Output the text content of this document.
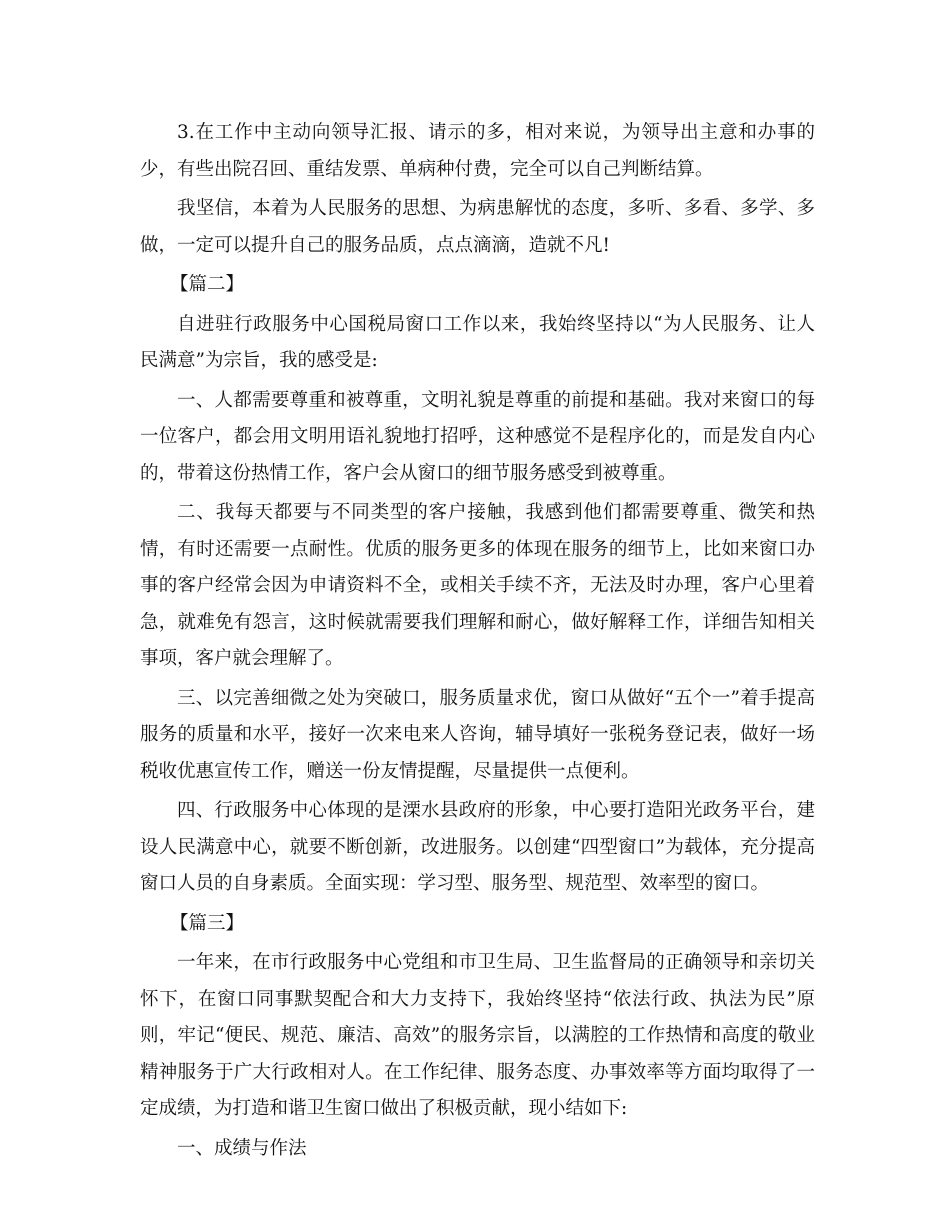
3.在工作中主动向领导汇报、请示的多，相对来说，为领导出主意和办事的少，有些出院召回、重结发票、单病种付费，完全可以自己判断结算。

我坚信，本着为人民服务的思想、为病患解忧的态度，多听、多看、多学、多做，一定可以提升自己的服务品质，点点滴滴，造就不凡!

【篇二】

自进驻行政服务中心国税局窗口工作以来，我始终坚持以“为人民服务、让人民满意”为宗旨，我的感受是:

一、人都需要尊重和被尊重，文明礼貌是尊重的前提和基础。我对来窗口的每一位客户，都会用文明用语礼貌地打招呼，这种感觉不是程序化的，而是发自内心的，带着这份热情工作，客户会从窗口的细节服务感受到被尊重。

二、我每天都要与不同类型的客户接触，我感到他们都需要尊重、微笑和热情，有时还需要一点耐性。优质的服务更多的体现在服务的细节上，比如来窗口办事的客户经常会因为申请资料不全，或相关手续不齐，无法及时办理，客户心里着急，就难免有怨言，这时候就需要我们理解和耐心，做好解释工作，详细告知相关事项，客户就会理解了。

三、以完善细微之处为突破口，服务质量求优，窗口从做好“五个一”着手提高服务的质量和水平，接好一次来电来人咨询，辅导填好一张税务登记表，做好一场税收优惠宣传工作，赠送一份友情提醒，尽量提供一点便利。

四、行政服务中心体现的是溧水县政府的形象，中心要打造阳光政务平台，建设人民满意中心，就要不断创新，改进服务。以创建“四型窗口”为载体，充分提高窗口人员的自身素质。全面实现：学习型、服务型、规范型、效率型的窗口。

【篇三】

一年来，在市行政服务中心党组和市卫生局、卫生监督局的正确领导和亲切关怀下，在窗口同事默契配合和大力支持下，我始终坚持“依法行政、执法为民”原则，牢记“便民、规范、廉洁、高效”的服务宗旨，以满腔的工作热情和高度的敬业精神服务于广大行政相对人。在工作纪律、服务态度、办事效率等方面均取得了一定成绩，为打造和谐卫生窗口做出了积极贡献，现小结如下:

一、成绩与作法
